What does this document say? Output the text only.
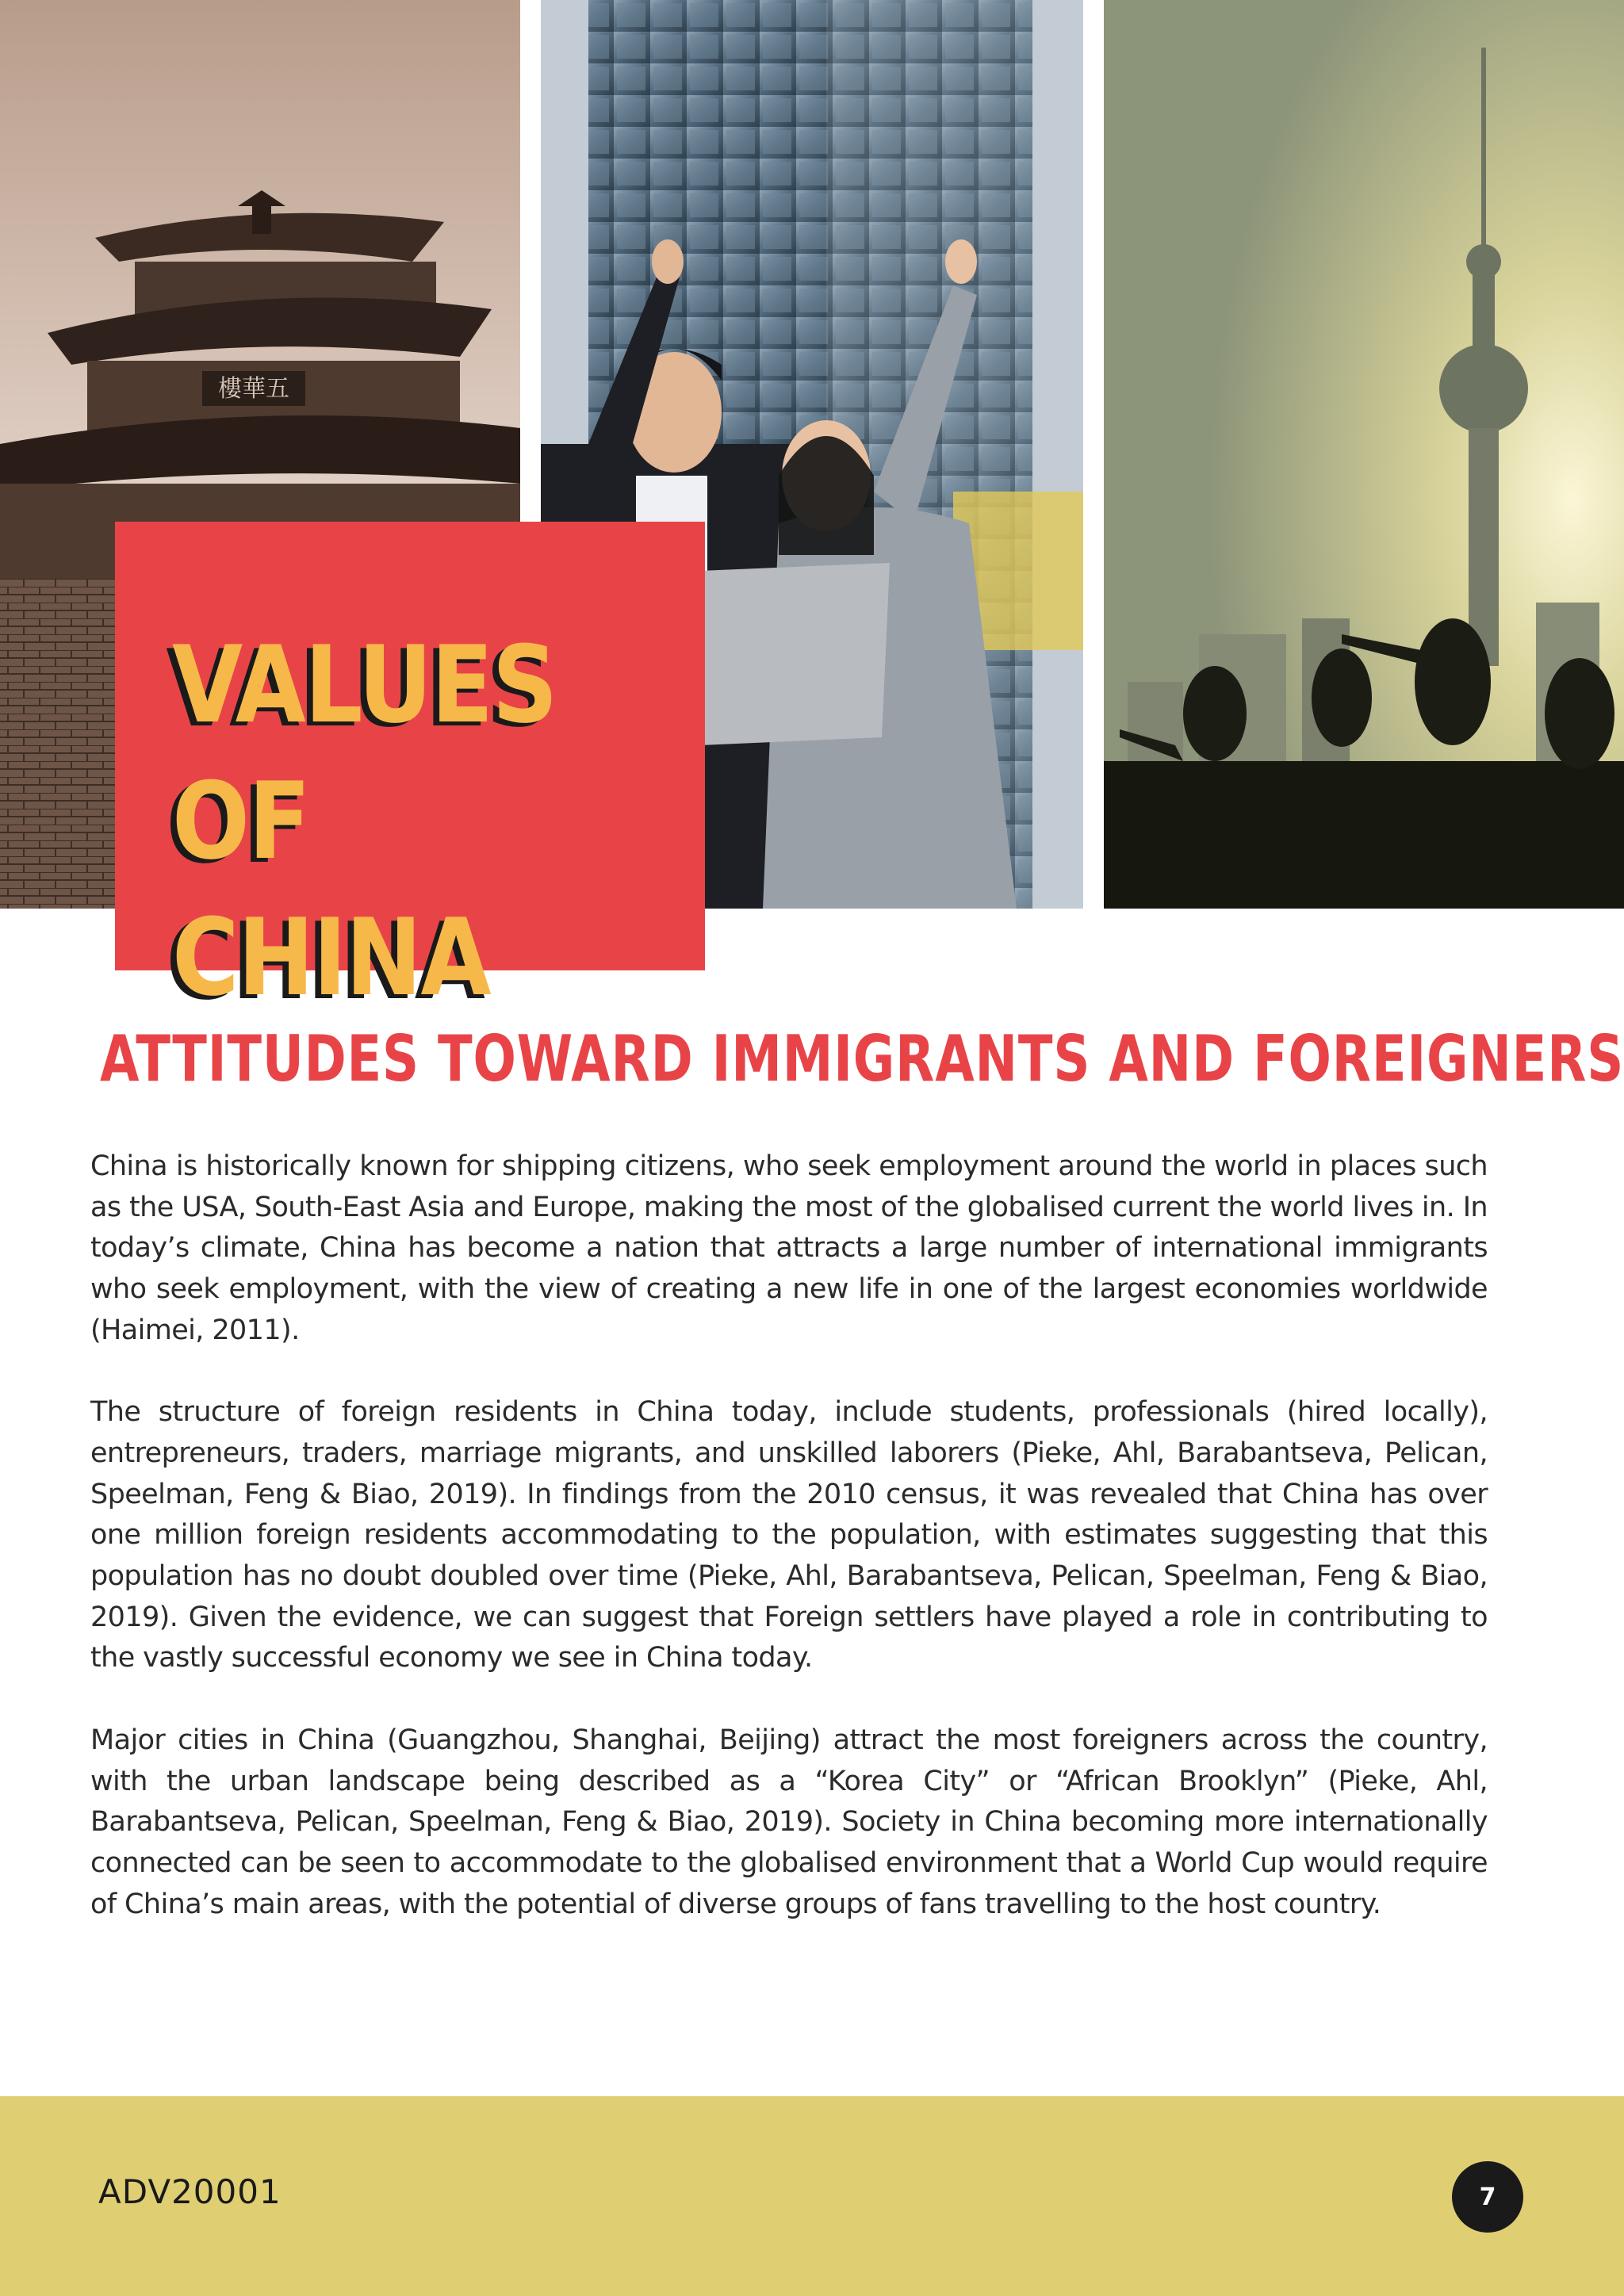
樓華五
VALUES OF CHINA
ATTITUDES TOWARD IMMIGRANTS AND FOREIGNERS

China is historically known for shipping citizens, who seek employment around the world in places such as the USA, South-East Asia and Europe, making the most of the globalised current the world lives in. In today’s climate, China has become a nation that attracts a large number of international immigrants who seek employment, with the view of creating a new life in one of the largest economies worldwide (Haimei, 2011).

The structure of foreign residents in China today, include students, professionals (hired locally), entrepreneurs, traders, marriage migrants, and unskilled laborers (Pieke, Ahl, Barabantseva, Pelican, Speelman, Feng & Biao, 2019). In findings from the 2010 census, it was revealed that China has over one million foreign residents accommodating to the population, with estimates suggesting that this population has no doubt doubled over time (Pieke, Ahl, Barabantseva, Pelican, Speelman, Feng & Biao, 2019). Given the evidence, we can suggest that Foreign settlers have played a role in contributing to the vastly successful economy we see in China today.

Major cities in China (Guangzhou, Shanghai, Beijing) attract the most foreigners across the country, with the urban landscape being described as a “Korea City” or “African Brooklyn” (Pieke, Ahl, Barabantseva, Pelican, Speelman, Feng & Biao, 2019). Society in China becoming more internationally connected can be seen to accommodate to the globalised environment that a World Cup would require of China’s main areas, with the potential of diverse groups of fans travelling to the host country.

ADV20001	7
